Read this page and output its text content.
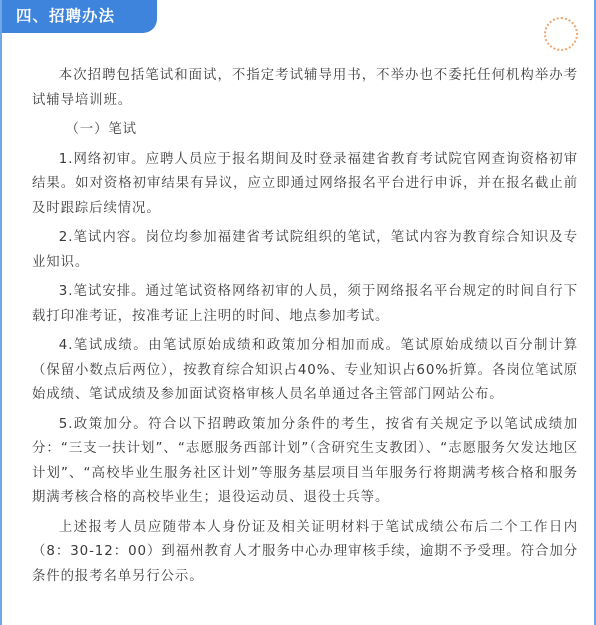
四、招聘办法

本次招聘包括笔试和面试，不指定考试辅导用书，不举办也不委托任何机构举办考试辅导培训班。

（一）笔试

1.网络初审。应聘人员应于报名期间及时登录福建省教育考试院官网查询资格初审结果。如对资格初审结果有异议，应立即通过网络报名平台进行申诉，并在报名截止前及时跟踪后续情况。

2.笔试内容。岗位均参加福建省考试院组织的笔试，笔试内容为教育综合知识及专业知识。

3.笔试安排。通过笔试资格网络初审的人员，须于网络报名平台规定的时间自行下载打印准考证，按准考证上注明的时间、地点参加考试。

4.笔试成绩。由笔试原始成绩和政策加分相加而成。笔试原始成绩以百分制计算（保留小数点后两位），按教育综合知识占40%、专业知识占60%折算。各岗位笔试原始成绩、笔试成绩及参加面试资格审核人员名单通过各主管部门网站公布。

5.政策加分。符合以下招聘政策加分条件的考生，按省有关规定予以笔试成绩加分：“三支一扶计划”、“志愿服务西部计划”（含研究生支教团）、“志愿服务欠发达地区计划”、“高校毕业生服务社区计划”等服务基层项目当年服务行将期满考核合格和服务期满考核合格的高校毕业生；退役运动员、退役士兵等。

上述报考人员应随带本人身份证及相关证明材料于笔试成绩公布后二个工作日内（8：30-12：00）到福州教育人才服务中心办理审核手续，逾期不予受理。符合加分条件的报考名单另行公示。
